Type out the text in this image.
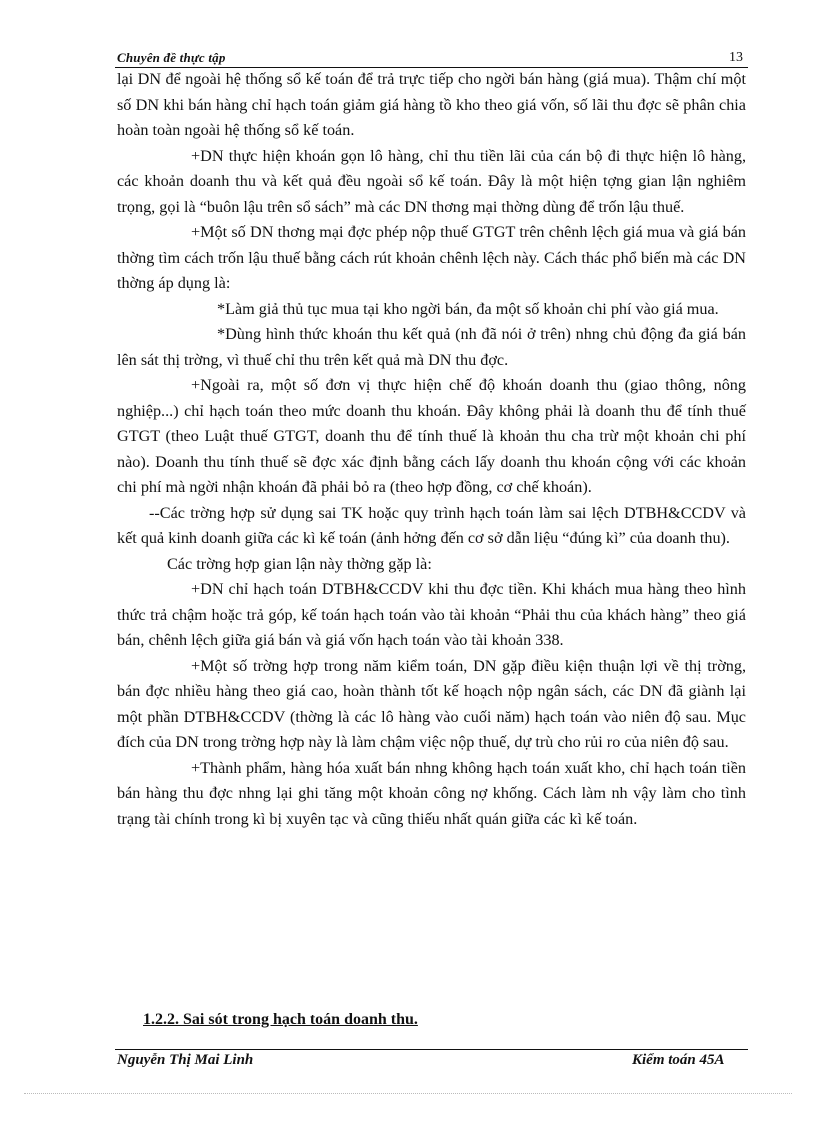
Chuyên đề thực tập	13

lại DN để ngoài hệ thống sổ kế toán để trả trực tiếp cho ngời bán hàng (giá mua). Thậm chí một số DN khi bán hàng chỉ hạch toán giảm giá hàng tồ kho theo giá vốn, số lãi thu đợc sẽ phân chia hoàn toàn ngoài hệ thống sổ kế toán.

+DN thực hiện khoán gọn lô hàng, chỉ thu tiền lãi của cán bộ đi thực hiện lô hàng, các khoản doanh thu và kết quả đều ngoài sổ kế toán. Đây là một hiện tợng gian lận nghiêm trọng, gọi là “buôn lậu trên sổ sách” mà các DN thơng mại thờng dùng để trốn lậu thuế.

+Một số DN thơng mại đợc phép nộp thuế GTGT trên chênh lệch giá mua và giá bán thờng tìm cách trốn lậu thuế bằng cách rút khoản chênh lệch này. Cách thác phổ biến mà các DN thờng áp dụng là:

*Làm giả thủ tục mua tại kho ngời bán, đa một số khoản chi phí vào giá mua.

*Dùng hình thức khoán thu kết quả (nh đã nói ở trên) nhng chủ động đa giá bán lên sát thị trờng, vì thuế chỉ thu trên kết quả mà DN thu đợc.

+Ngoài ra, một số đơn vị thực hiện chế độ khoán doanh thu (giao thông, nông nghiệp...) chỉ hạch toán theo mức doanh thu khoán. Đây không phải là doanh thu để tính thuế GTGT (theo Luật thuế GTGT, doanh thu để tính thuế là khoản thu cha trừ một khoản chi phí nào). Doanh thu tính thuế sẽ đợc xác định bằng cách lấy doanh thu khoán cộng với các khoản chi phí mà ngời nhận khoán đã phải bỏ ra (theo hợp đồng, cơ chế khoán).

--Các trờng hợp sử dụng sai TK hoặc quy trình hạch toán làm sai lệch DTBH&CCDV và kết quả kinh doanh giữa các kì kế toán (ảnh hởng đến cơ sở dẫn liệu “đúng kì” của doanh thu).

Các trờng hợp gian lận này thờng gặp là:

+DN chỉ hạch toán DTBH&CCDV khi thu đợc tiền. Khi khách mua hàng theo hình thức trả chậm hoặc trả góp, kế toán hạch toán vào tài khoản “Phải thu của khách hàng” theo giá bán, chênh lệch giữa giá bán và giá vốn hạch toán vào tài khoản 338.

+Một số trờng hợp trong năm kiểm toán, DN gặp điều kiện thuận lợi về thị trờng, bán đợc nhiều hàng theo giá cao, hoàn thành tốt kế hoạch nộp ngân sách, các DN đã giành lại một phần DTBH&CCDV (thờng là các lô hàng vào cuối năm) hạch toán vào niên độ sau. Mục đích của DN trong trờng hợp này là làm chậm việc nộp thuế, dự trù cho rủi ro của niên độ sau.

+Thành phẩm, hàng hóa xuất bán nhng không hạch toán xuất kho, chỉ hạch toán tiền bán hàng thu đợc nhng lại ghi tăng một khoản công nợ khống. Cách làm nh vậy làm cho tình trạng tài chính trong kì bị xuyên tạc và cũng thiếu nhất quán giữa các kì kế toán.

1.2.2. Sai sót trong hạch toán doanh thu.
Nguyễn Thị Mai Linh	Kiểm toán 45A
